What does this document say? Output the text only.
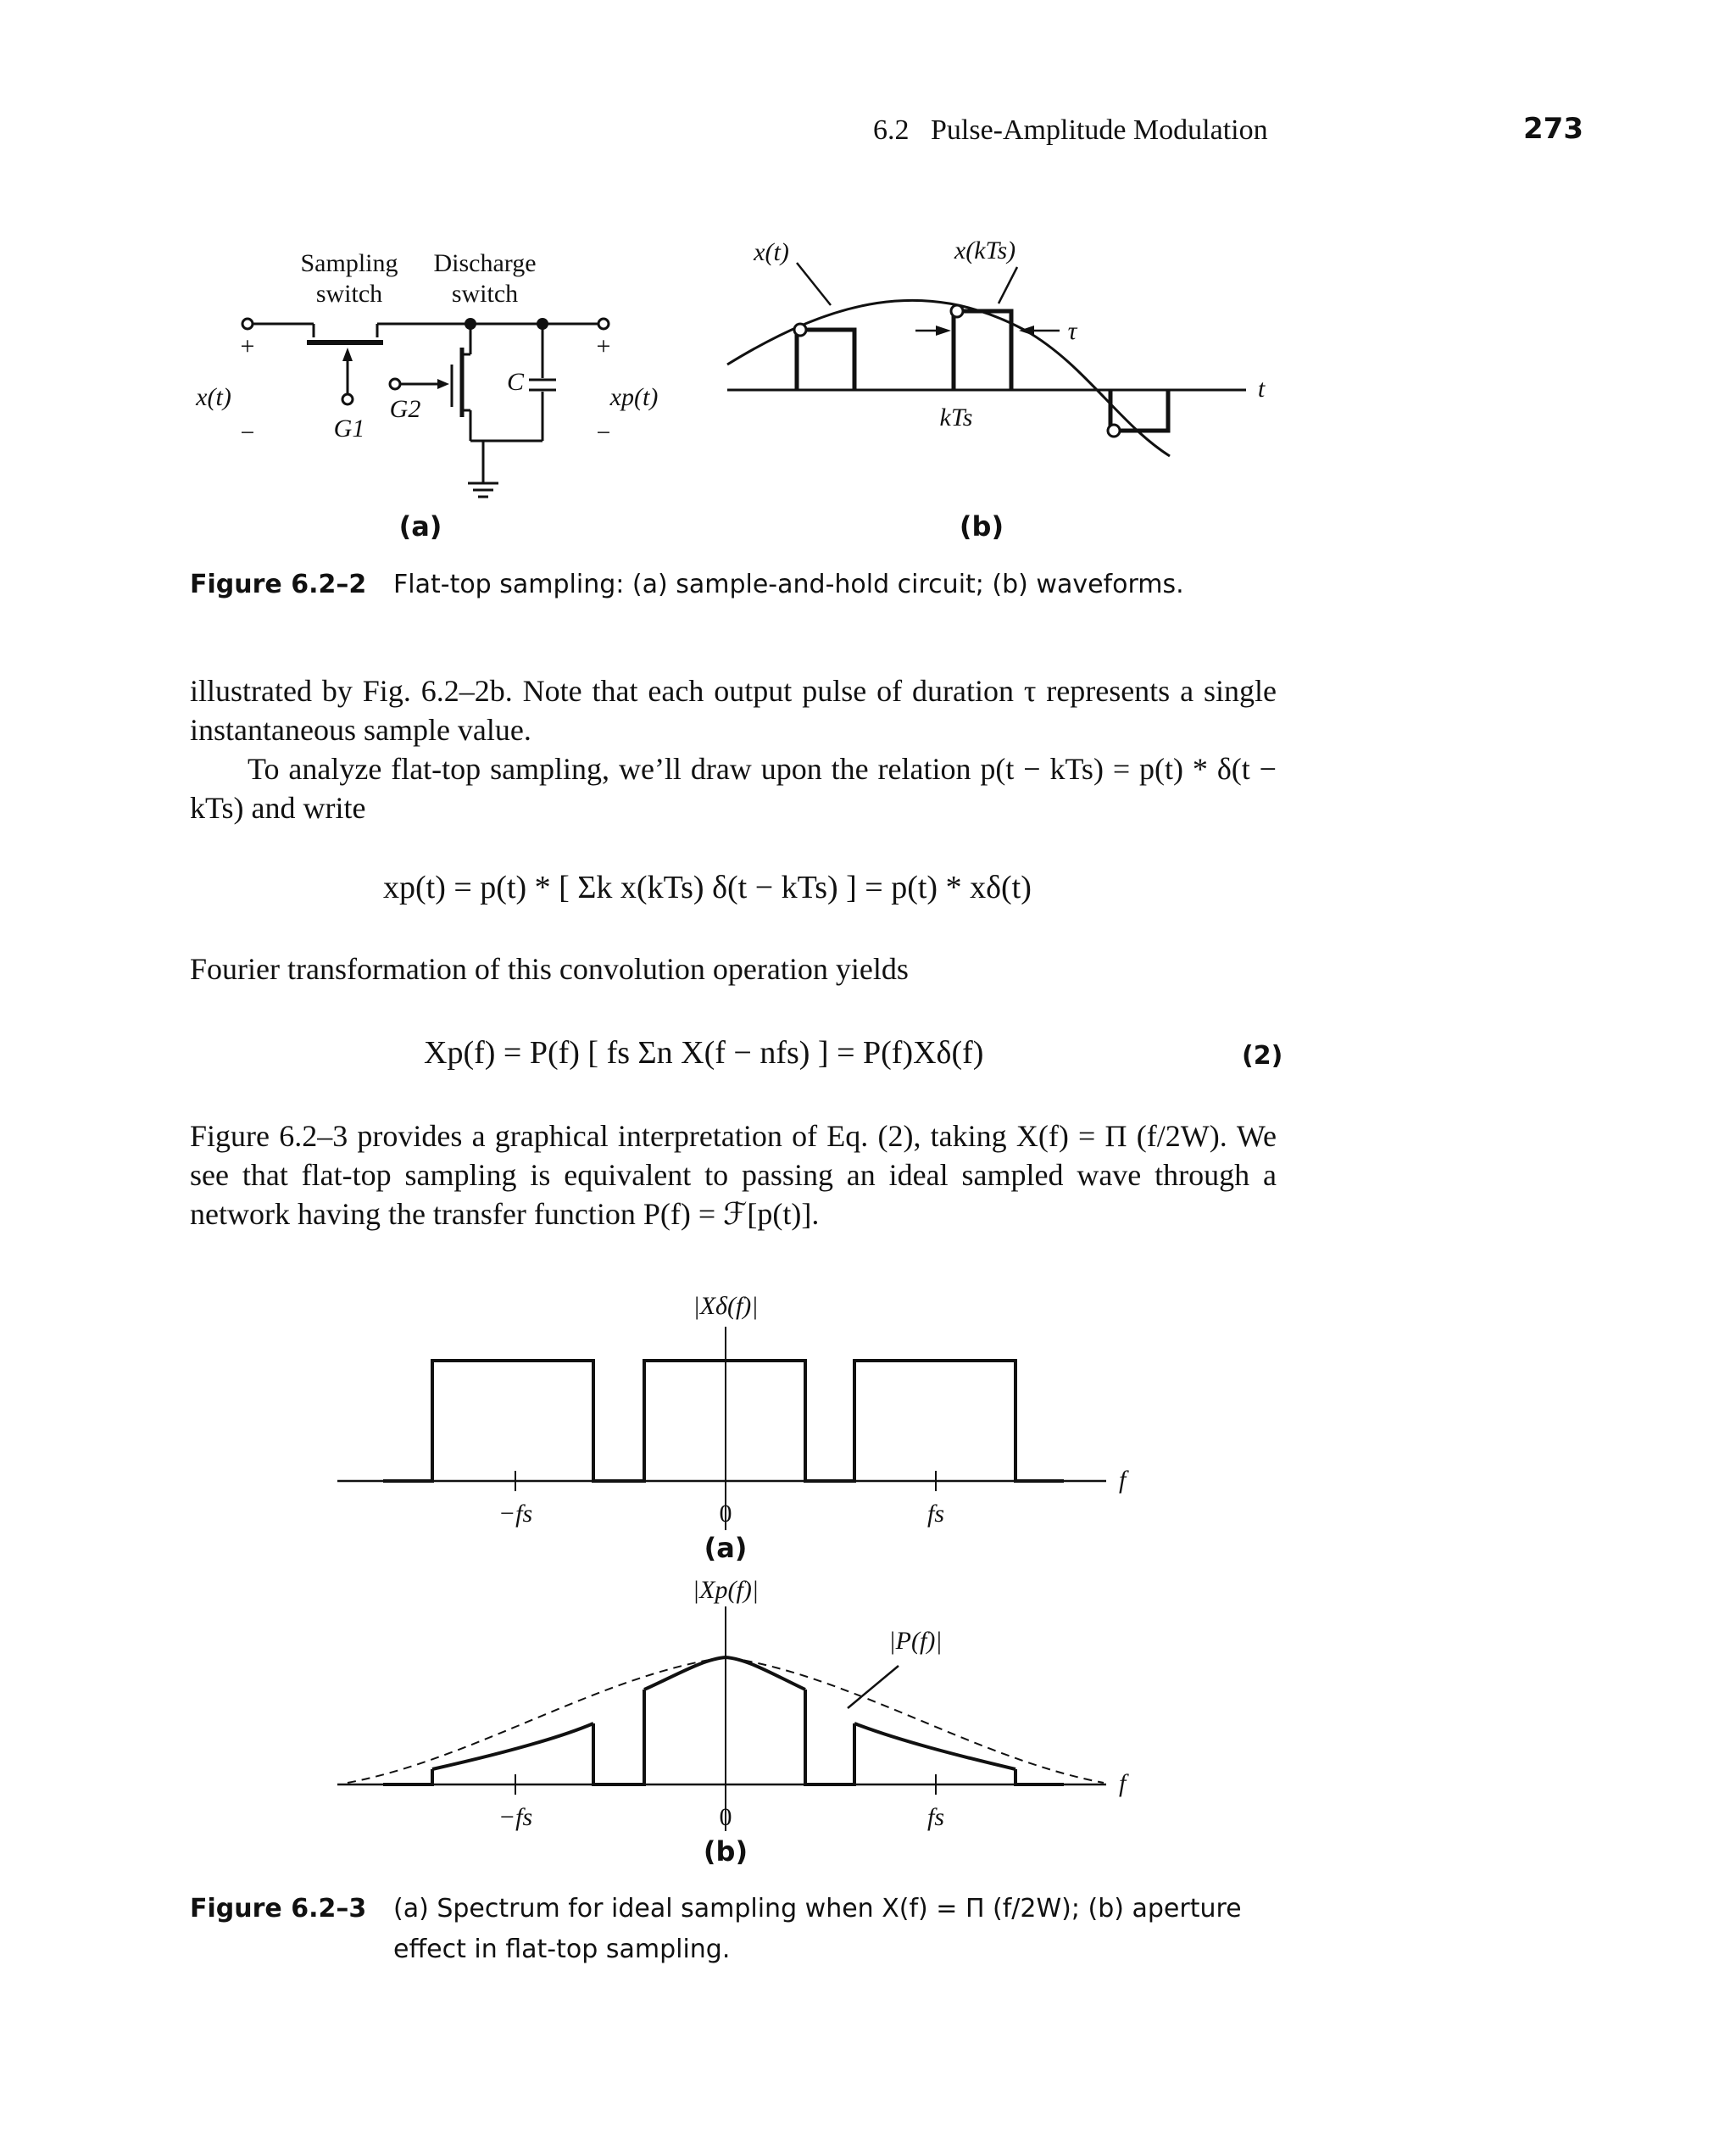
6.2 Pulse-Amplitude Modulation	273
Sampling
switch
Discharge
switch
+
−
+
−
x(t)	xp(t)
G1
G2
C
x(t)	x(kTs)
τ
kTs
t
(a)	(b)
Figure 6.2–2 Flat-top sampling: (a) sample-and-hold circuit; (b) waveforms.

illustrated by Fig. 6.2–2b. Note that each output pulse of duration τ represents a single instantaneous sample value.

To analyze flat-top sampling, we’ll draw upon the relation p(t − kTs) = p(t) * δ(t − kTs) and write

xp(t) = p(t) * [ Σk x(kTs) δ(t − kTs) ] = p(t) * xδ(t)

Fourier transformation of this convolution operation yields

Xp(f) = P(f) [ fs Σn X(f − nfs) ] = P(f)Xδ(f)	(2)

Figure 6.2–3 provides a graphical interpretation of Eq. (2), taking X(f) = Π (f/2W). We see that flat-top sampling is equivalent to passing an ideal sampled wave through a network having the transfer function P(f) = ℱ[p(t)].

|Xδ(f)|
f
−fs	0	fs
(a)
|Xp(f)|
|P(f)|
f
−fs	0	fs
(b)
Figure 6.2–3 (a) Spectrum for ideal sampling when X(f) = Π (f/2W); (b) aperture effect in flat-top sampling.
